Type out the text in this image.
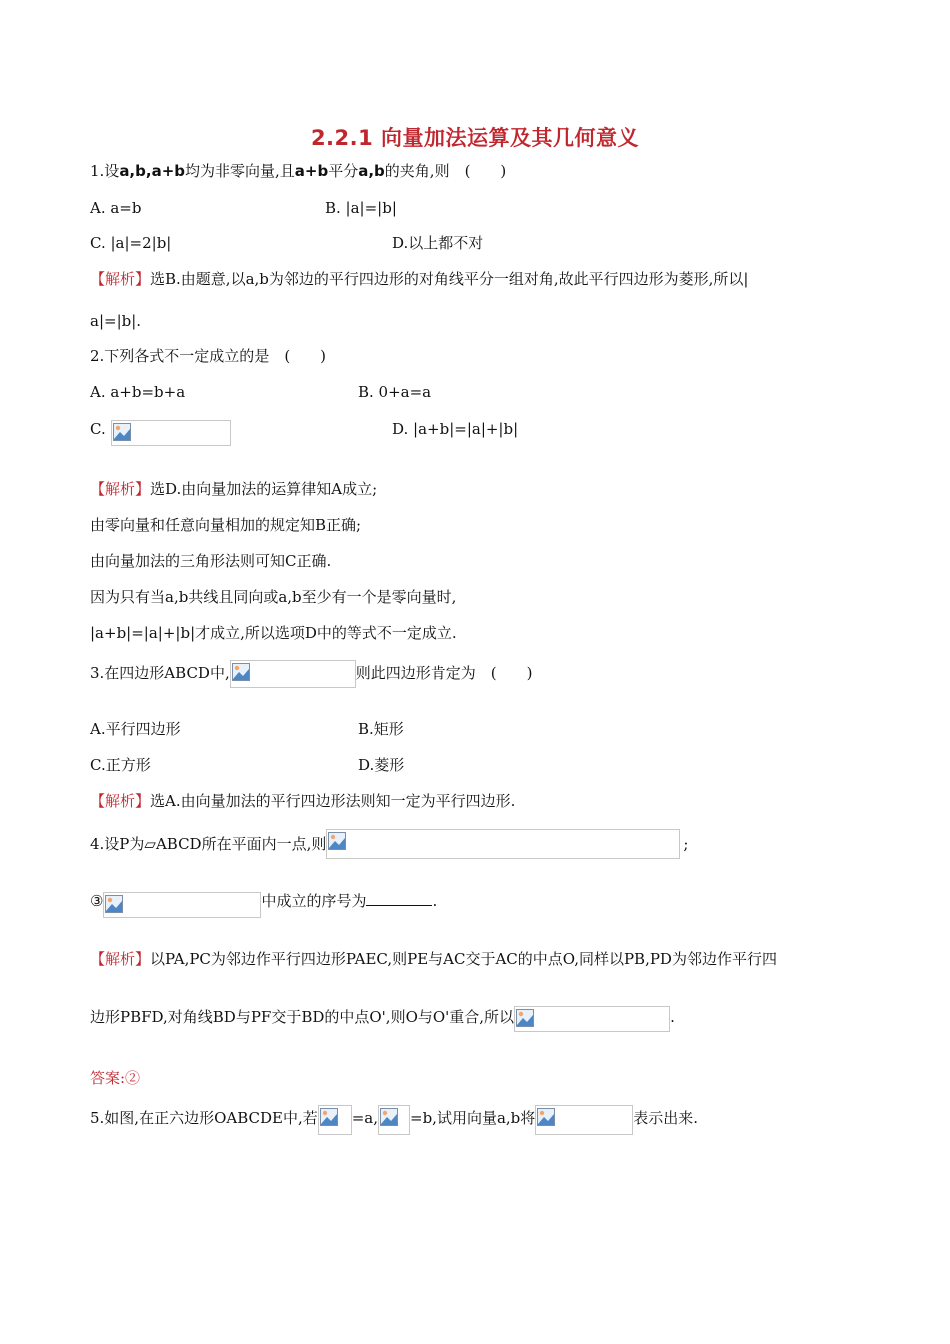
2.2.1 向量加法运算及其几何意义
1.设a,b,a+b均为非零向量,且a+b平分a,b的夹角,则　(　　)
A. a=b	B. |a|=|b|
C. |a|=2|b|	D.以上都不对
【解析】选B.由题意,以a,b为邻边的平行四边形的对角线平分一组对角,故此平行四边形为菱形,所以|
a|=|b|.
2.下列各式不一定成立的是　(　　)
A. a+b=b+a	B. 0+a=a
C.	D. |a+b|=|a|+|b|
【解析】选D.由向量加法的运算律知A成立;
由零向量和任意向量相加的规定知B正确;
由向量加法的三角形法则可知C正确.
因为只有当a,b共线且同向或a,b至少有一个是零向量时,
|a+b|=|a|+|b|才成立,所以选项D中的等式不一定成立.
3.在四边形ABCD中,	则此四边形肯定为　(　　)
A.平行四边形	B.矩形
C.正方形	D.菱形
【解析】选A.由向量加法的平行四边形法则知一定为平行四边形.
4.设P为▱ABCD所在平面内一点,则	;
③	中成立的序号为	.
【解析】以PA,PC为邻边作平行四边形PAEC,则PE与AC交于AC的中点O,同样以PB,PD为邻边作平行四
边形PBFD,对角线BD与PF交于BD的中点O',则O与O'重合,所以	.
答案:②
5.如图,在正六边形OABCDE中,若 =a, =b,试用向量a,b将	表示出来.
